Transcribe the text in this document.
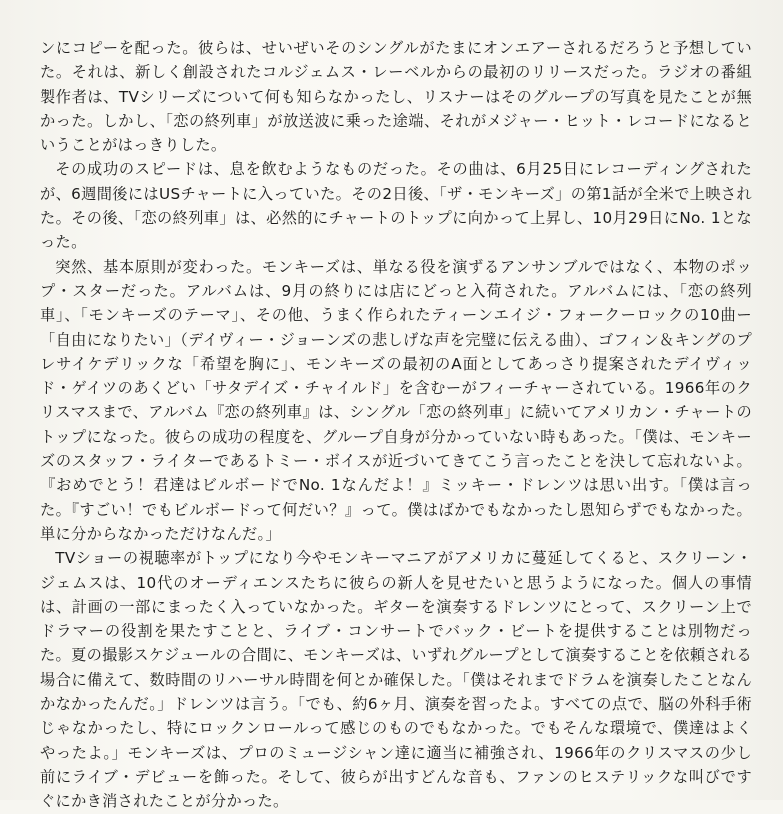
ンにコピーを配った。彼らは、せいぜいそのシングルがたまにオンエアーされるだろうと予想していた。それは、新しく創設されたコルジェムス・レーベルからの最初のリリースだった。ラジオの番組製作者は、TVシリーズについて何も知らなかったし、リスナーはそのグループの写真を見たことが無かった。しかし、「恋の終列車」が放送波に乗った途端、それがメジャー・ヒット・レコードになるということがはっきりした。

その成功のスピードは、息を飲むようなものだった。その曲は、6月25日にレコーディングされたが、6週間後にはUSチャートに入っていた。その2日後、「ザ・モンキーズ」の第1話が全米で上映された。その後、「恋の終列車」は、必然的にチャートのトップに向かって上昇し、10月29日にNo. 1となった。

突然、基本原則が変わった。モンキーズは、単なる役を演ずるアンサンブルではなく、本物のポップ・スターだった。アルバムは、9月の終りには店にどっと入荷された。アルバムには、「恋の終列車」、「モンキーズのテーマ」、その他、うまく作られたティーンエイジ・フォークーロックの10曲ー「自由になりたい」（デイヴィー・ジョーンズの悲しげな声を完璧に伝える曲）、ゴフィン＆キングのプレサイケデリックな「希望を胸に」、モンキーズの最初のA面としてあっさり提案されたデイヴィッド・ゲイツのあくどい「サタデイズ・チャイルド」を含むーがフィーチャーされている。1966年のクリスマスまで、アルバム『恋の終列車』は、シングル「恋の終列車」に続いてアメリカン・チャートのトップになった。彼らの成功の程度を、グループ自身が分かっていない時もあった。「僕は、モンキーズのスタッフ・ライターであるトミー・ボイスが近づいてきてこう言ったことを決して忘れないよ。『おめでとう！君達はビルボードでNo. 1なんだよ！』ミッキー・ドレンツは思い出す。「僕は言った。『すごい！でもビルボードって何だい？』って。僕はばかでもなかったし恩知らずでもなかった。単に分からなかっただけなんだ。」

TVショーの視聴率がトップになり今やモンキーマニアがアメリカに蔓延してくると、スクリーン・ジェムスは、10代のオーディエンスたちに彼らの新人を見せたいと思うようになった。個人の事情は、計画の一部にまったく入っていなかった。ギターを演奏するドレンツにとって、スクリーン上でドラマーの役割を果たすことと、ライブ・コンサートでバック・ビートを提供することは別物だった。夏の撮影スケジュールの合間に、モンキーズは、いずれグループとして演奏することを依頼される場合に備えて、数時間のリハーサル時間を何とか確保した。「僕はそれまでドラムを演奏したことなんかなかったんだ。」ドレンツは言う。「でも、約6ヶ月、演奏を習ったよ。すべての点で、脳の外科手術じゃなかったし、特にロックンロールって感じのものでもなかった。でもそんな環境で、僕達はよくやったよ。」モンキーズは、プロのミュージシャン達に適当に補強され、1966年のクリスマスの少し前にライブ・デビューを飾った。そして、彼らが出すどんな音も、ファンのヒステリックな叫びですぐにかき消されたことが分かった。
